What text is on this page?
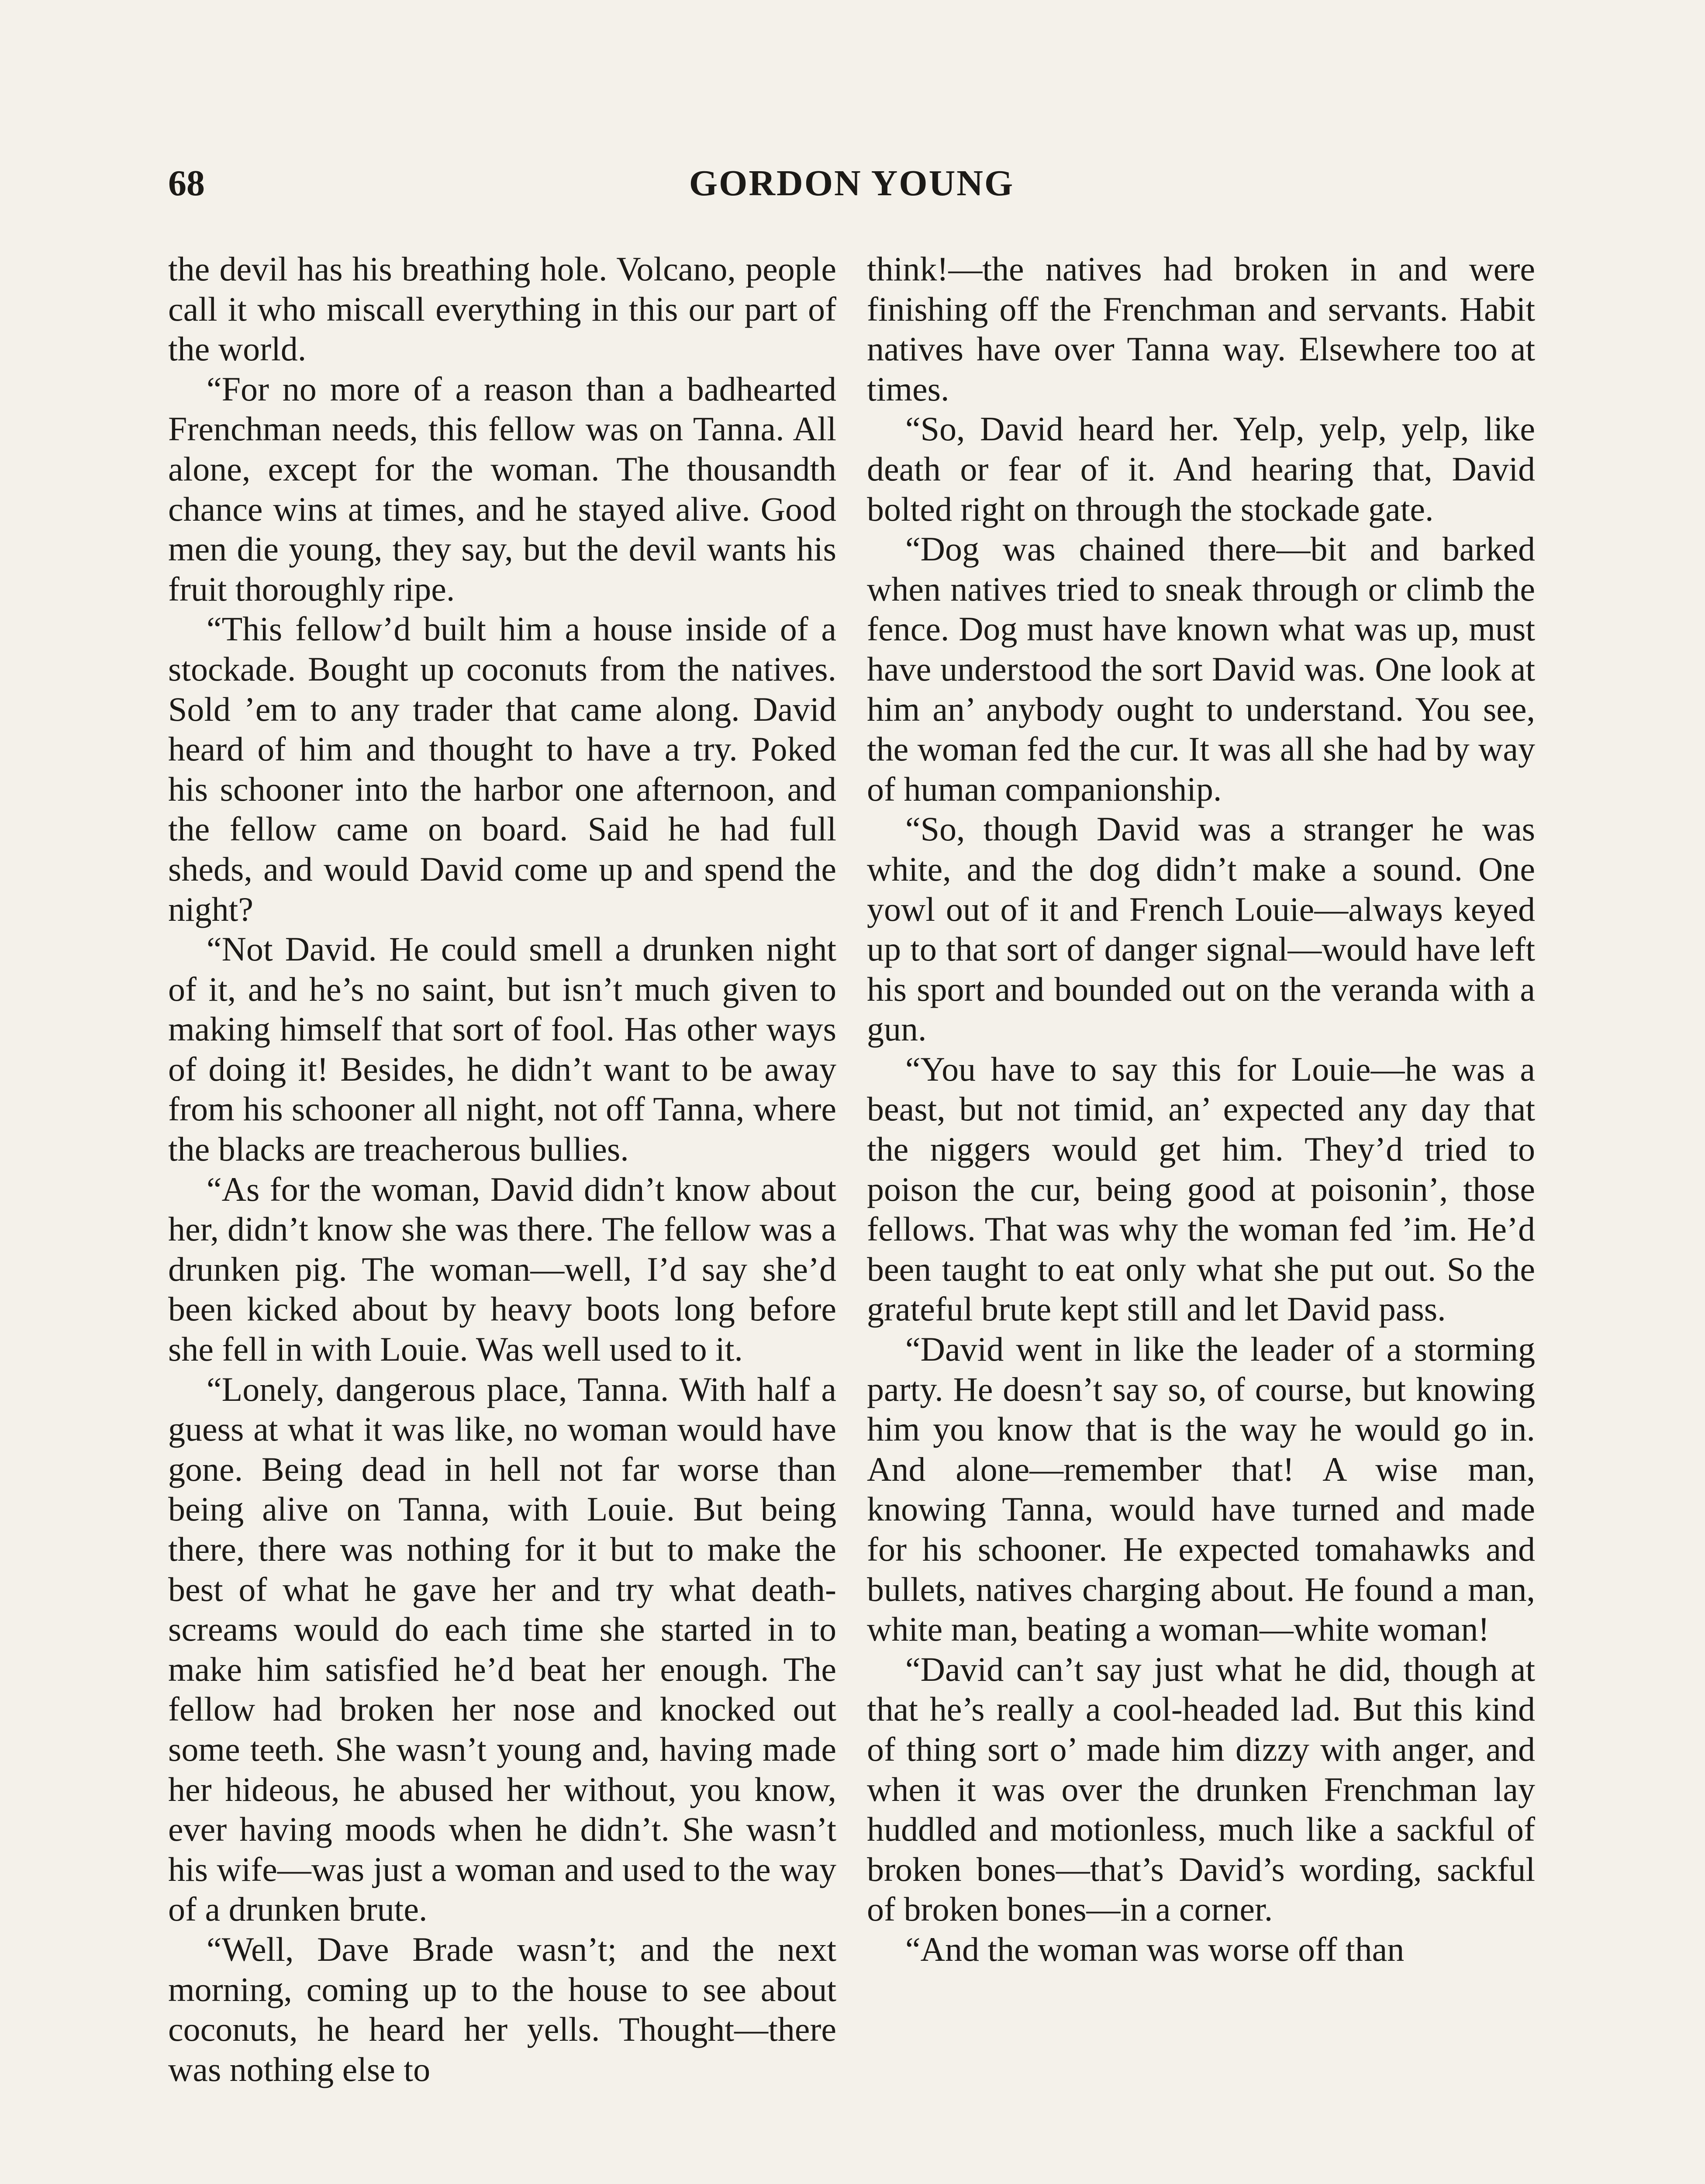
68	GORDON YOUNG

the devil has his breathing hole. Volcano, people call it who miscall everything in this our part of the world.

“For no more of a reason than a badhearted Frenchman needs, this fellow was on Tanna. All alone, except for the woman. The thousandth chance wins at times, and he stayed alive. Good men die young, they say, but the devil wants his fruit thoroughly ripe.

“This fellow’d built him a house inside of a stockade. Bought up coconuts from the natives. Sold ’em to any trader that came along. David heard of him and thought to have a try. Poked his schooner into the harbor one afternoon, and the fellow came on board. Said he had full sheds, and would David come up and spend the night?

“Not David. He could smell a drunken night of it, and he’s no saint, but isn’t much given to making himself that sort of fool. Has other ways of doing it! Besides, he didn’t want to be away from his schooner all night, not off Tanna, where the blacks are treacherous bullies.

“As for the woman, David didn’t know about her, didn’t know she was there. The fellow was a drunken pig. The woman—well, I’d say she’d been kicked about by heavy boots long before she fell in with Louie. Was well used to it.

“Lonely, dangerous place, Tanna. With half a guess at what it was like, no woman would have gone. Being dead in hell not far worse than being alive on Tanna, with Louie. But being there, there was nothing for it but to make the best of what he gave her and try what death-screams would do each time she started in to make him satisfied he’d beat her enough. The fellow had broken her nose and knocked out some teeth. She wasn’t young and, having made her hideous, he abused her without, you know, ever having moods when he didn’t. She wasn’t his wife—was just a woman and used to the way of a drunken brute.

“Well, Dave Brade wasn’t; and the next morning, coming up to the house to see about coconuts, he heard her yells. Thought—there was nothing else to

think!—the natives had broken in and were finishing off the Frenchman and servants. Habit natives have over Tanna way. Elsewhere too at times.

“So, David heard her. Yelp, yelp, yelp, like death or fear of it. And hearing that, David bolted right on through the stockade gate.

“Dog was chained there—bit and barked when natives tried to sneak through or climb the fence. Dog must have known what was up, must have understood the sort David was. One look at him an’ anybody ought to understand. You see, the woman fed the cur. It was all she had by way of human companionship.

“So, though David was a stranger he was white, and the dog didn’t make a sound. One yowl out of it and French Louie—always keyed up to that sort of danger signal—would have left his sport and bounded out on the veranda with a gun.

“You have to say this for Louie—he was a beast, but not timid, an’ expected any day that the niggers would get him. They’d tried to poison the cur, being good at poisonin’, those fellows. That was why the woman fed ’im. He’d been taught to eat only what she put out. So the grateful brute kept still and let David pass.

“David went in like the leader of a storming party. He doesn’t say so, of course, but knowing him you know that is the way he would go in. And alone—remember that! A wise man, knowing Tanna, would have turned and made for his schooner. He expected tomahawks and bullets, natives charging about. He found a man, white man, beating a woman—white woman!

“David can’t say just what he did, though at that he’s really a cool-headed lad. But this kind of thing sort o’ made him dizzy with anger, and when it was over the drunken Frenchman lay huddled and motionless, much like a sackful of broken bones—that’s David’s wording, sackful of broken bones—in a corner.

“And the woman was worse off than
